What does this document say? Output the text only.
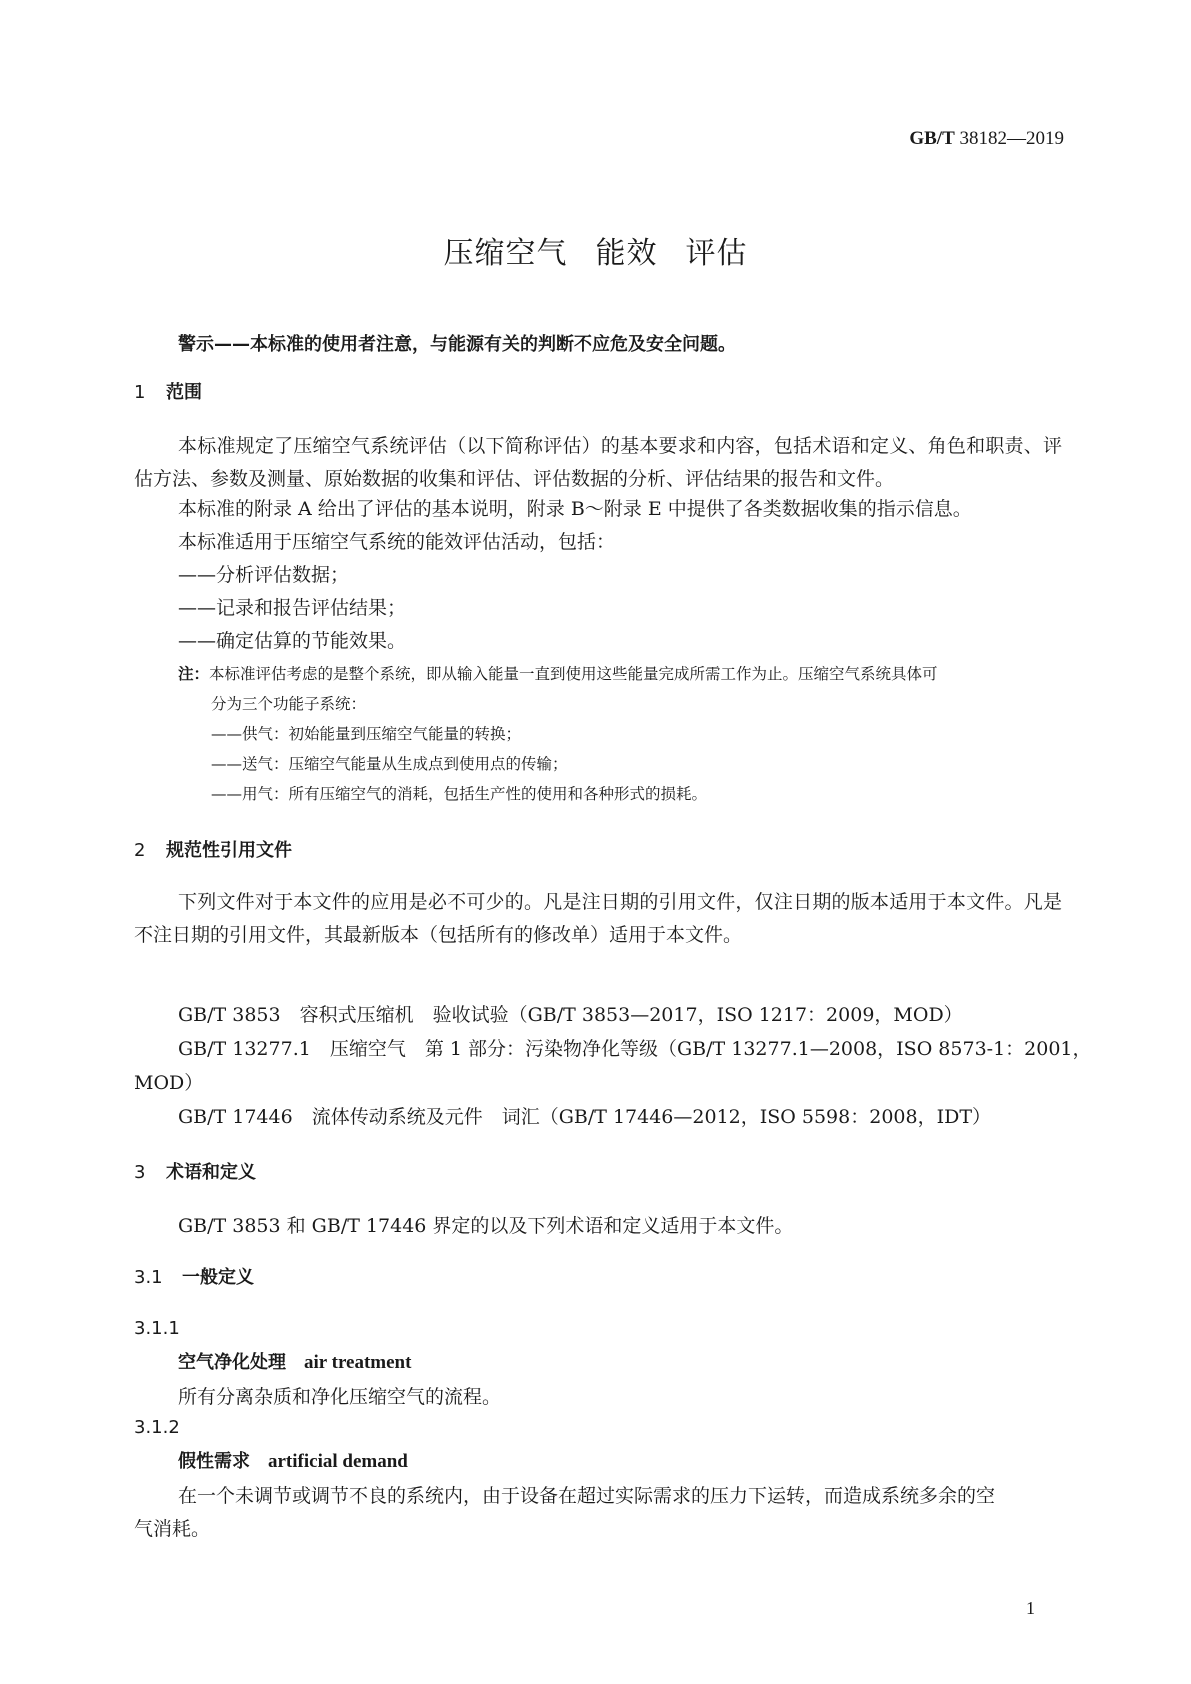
GB/T 38182—2019
压缩空气 能效 评估
警示——本标准的使用者注意，与能源有关的判断不应危及安全问题。
1 范围
本标准规定了压缩空气系统评估（以下简称评估）的基本要求和内容，包括术语和定义、角色和职责、评估方法、参数及测量、原始数据的收集和评估、评估数据的分析、评估结果的报告和文件。
本标准的附录 A 给出了评估的基本说明，附录 B～附录 E 中提供了各类数据收集的指示信息。
本标准适用于压缩空气系统的能效评估活动，包括：
——分析评估数据；
——记录和报告评估结果；
——确定估算的节能效果。
注：本标准评估考虑的是整个系统，即从输入能量一直到使用这些能量完成所需工作为止。压缩空气系统具体可
分为三个功能子系统：
——供气：初始能量到压缩空气能量的转换；
——送气：压缩空气能量从生成点到使用点的传输；
——用气：所有压缩空气的消耗，包括生产性的使用和各种形式的损耗。
2 规范性引用文件
下列文件对于本文件的应用是必不可少的。凡是注日期的引用文件，仅注日期的版本适用于本文件。凡是不注日期的引用文件，其最新版本（包括所有的修改单）适用于本文件。
GB/T 3853　容积式压缩机　验收试验（GB/T 3853—2017，ISO 1217：2009，MOD）
GB/T 13277.1　压缩空气　第 1 部分：污染物净化等级（GB/T 13277.1—2008，ISO 8573-1：2001，
MOD）
GB/T 17446　流体传动系统及元件　词汇（GB/T 17446—2012，ISO 5598：2008，IDT）
3 术语和定义
GB/T 3853 和 GB/T 17446 界定的以及下列术语和定义适用于本文件。
3.1 一般定义
3.1.1
空气净化处理 air treatment
所有分离杂质和净化压缩空气的流程。
3.1.2
假性需求 artificial demand
在一个未调节或调节不良的系统内，由于设备在超过实际需求的压力下运转，而造成系统多余的空
气消耗。
1
